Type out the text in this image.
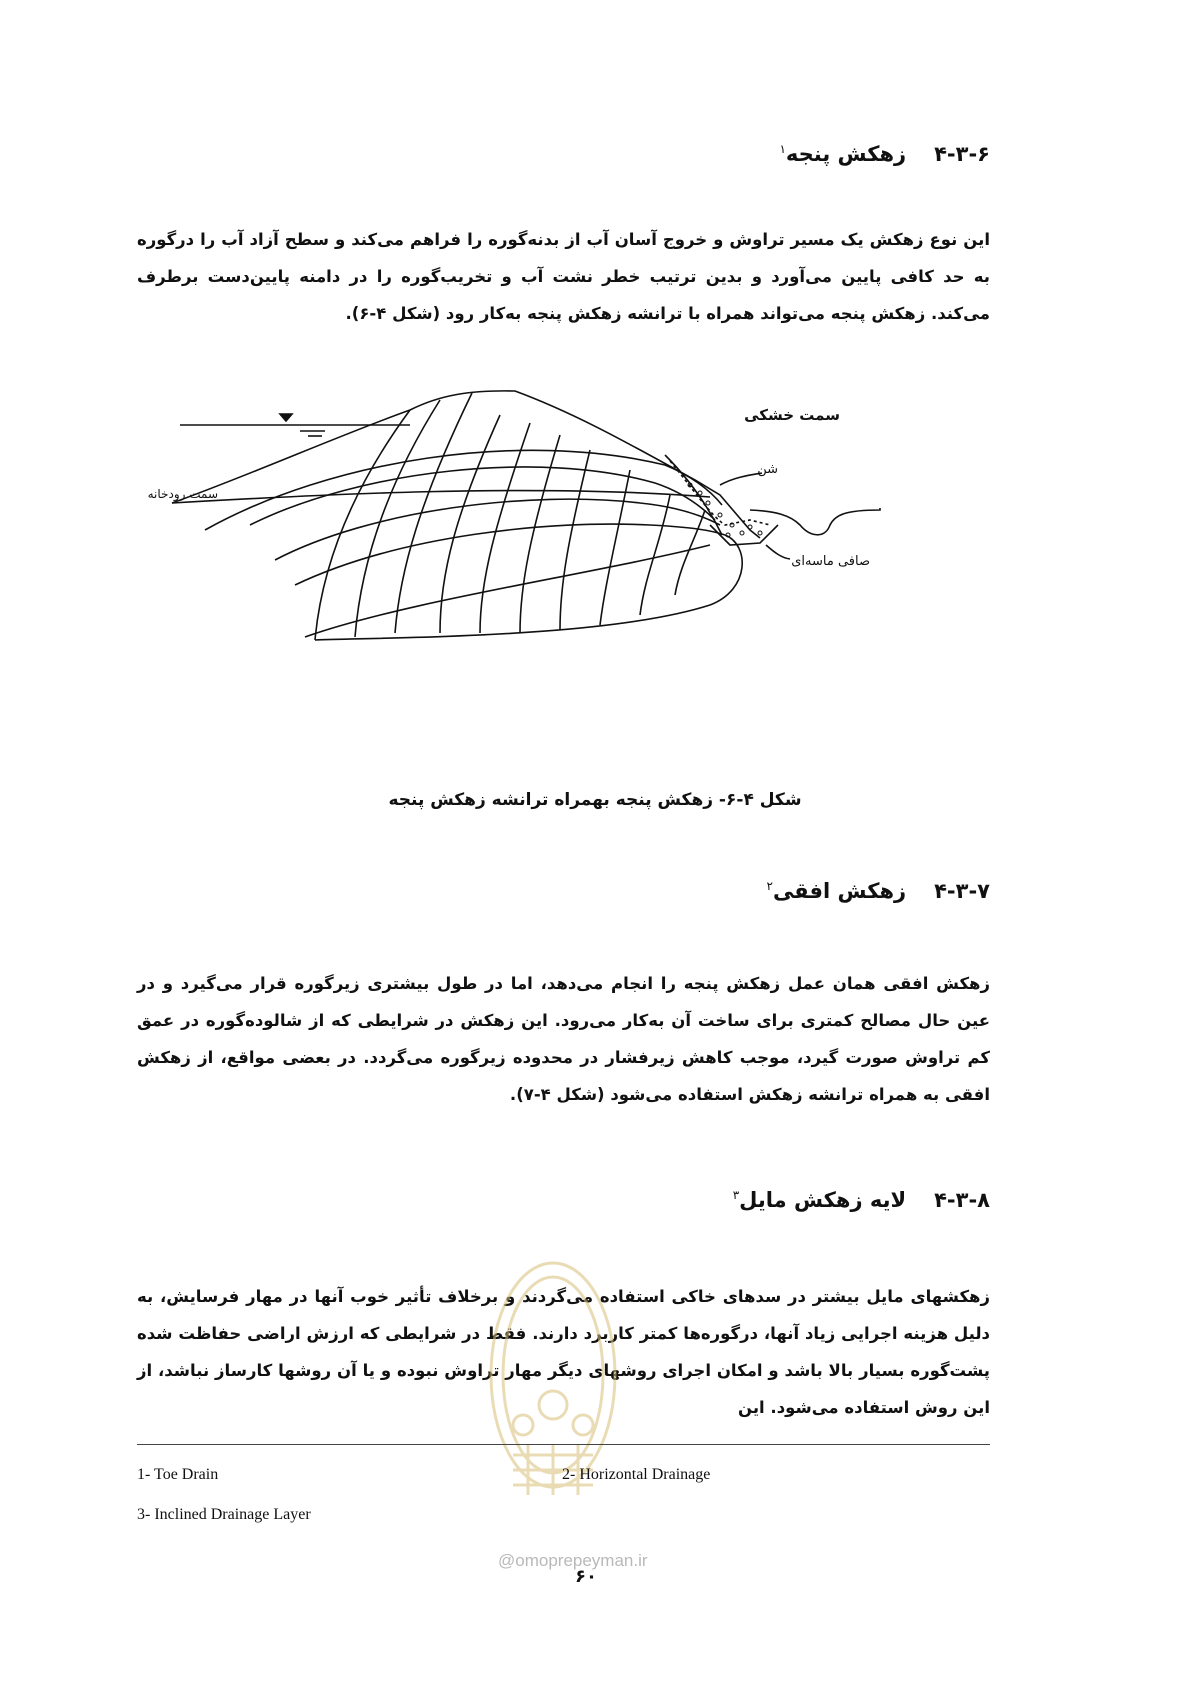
۴-۳-۶زهکش پنجه$^۱$
این نوع زهکش یک مسیر تراوش و خروج آسان آب از بدنه‌گوره را فراهم می‌کند و سطح آزاد آب را درگوره به حد کافی پایین می‌آورد و بدین ترتیب خطر نشت آب و تخریب‌گوره را در دامنه پایین‌دست برطرف می‌کند. زهکش پنجه می‌تواند همراه با ترانشه زهکش پنجه به‌کار رود (شکل ۴-۶).
سمت خشکی
سمت رودخانه
شن
صافی ماسه‌ای
شکل ۴-۶- زهکش پنجه بهمراه ترانشه زهکش پنجه
۴-۳-۷زهکش افقی$^۲$
زهکش افقی همان عمل زهکش پنجه را انجام می‌دهد، اما در طول بیشتری زیرگوره قرار می‌گیرد و در عین حال مصالح کمتری برای ساخت آن به‌کار می‌رود. این زهکش در شرایطی که از شالوده‌گوره در عمق کم تراوش صورت گیرد، موجب کاهش زیرفشار در محدوده زیرگوره می‌گردد. در بعضی مواقع، از زهکش افقی به همراه ترانشه زهکش استفاده می‌شود (شکل ۴-۷).
۴-۳-۸لایه زهکش مایل$^۳$
زهکشهای مایل بیشتر در سدهای خاکی استفاده می‌گردند و برخلاف تأثیر خوب آنها در مهار فرسایش، به دلیل هزینه اجرایی زیاد آنها، درگوره‌ها کمتر کاربرد دارند. فقط در شرایطی که ارزش اراضی حفاظت شده پشت‌گوره بسیار بالا باشد و امکان اجرای روشهای دیگر مهار تراوش نبوده و یا آن روشها کارساز نباشد، از این روش استفاده می‌شود. این
1- Toe Drain	2- Horizontal Drainage
3- Inclined Drainage Layer
@omoprepeyman.ir
۶۰
